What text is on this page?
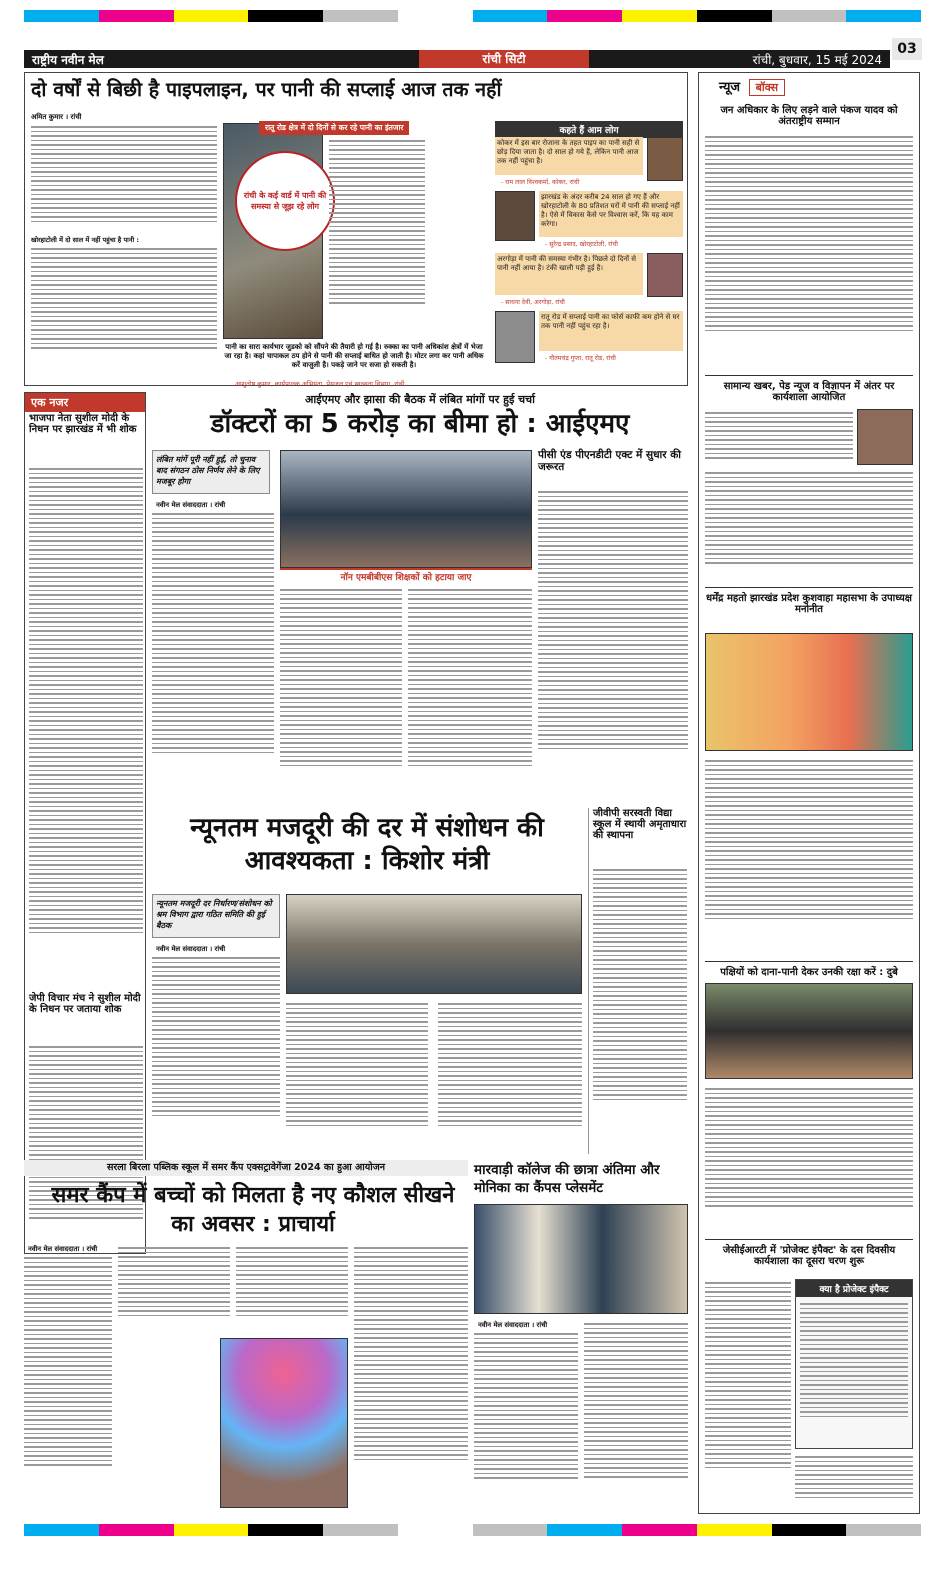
राष्ट्रीय नवीन मेल	रांची सिटी	रांची, बुधवार, 15 मई 2024
03
दो वर्षों से बिछी है पाइपलाइन, पर पानी की सप्लाई आज तक नहीं
अमित कुमार । रांची
खोरहाटोली में दो साल में नहीं पहुंचा है पानी :
रातू रोड क्षेत्र में दो दिनों से कर रहे पानी का इंतजार
रांची के कई वार्ड में पानी की समस्या से जूझ रहे लोग
पानी का सारा कार्यभार जुडको को सौंपने की तैयारी हो गई है। रुक्का का पानी अधिकांश क्षेत्रों में भेजा जा रहा है। कहां चापाकल ठप होने से पानी की सप्लाई बाधित हो जाती है। मोटर लगा कर पानी अधिक करें वाजुली है। पकड़े जाने पर सजा हो सकती है।
आशुतोष कुमार, कार्यपालक अभियंता, पेयजल एवं स्वच्छता विभाग, रांची
कहते हैं आम लोग
कोकर में इस बार रोजाना के तहत पाइप का पानी सही से छोड़ दिया जाता है। दो साल हो गये हैं, लेकिन पानी आज तक नहीं पहुंचा है।
- राम लाल विश्वकर्मा, कोकर, रांची
झारखंड के अंदर करीब 24 साल हो गए हैं और खोरहाटोली के 80 प्रतिशत घरों में पानी की सप्लाई नहीं है। ऐसे में विकास कैसे पर विश्वास करें, कि यह काम करेगा।
- सुरेन्द्र प्रसाद, खोरहाटोली, रांची
अरगोड़ा में पानी की समस्या गंभीर है। पिछले दो दिनों से पानी नहीं आया है। टंकी खाली पड़ी हुई है।
- साधना देवी, अरगोड़ा, रांची
रातू रोड में सप्लाई पानी का फोर्स काफी कम होने से घर तक पानी नहीं पहुंच रहा है।
- गौतमचंद्र गुप्ता, रातू रोड, रांची
एक नजर
भाजपा नेता सुशील मोदी के निधन पर झारखंड में भी शोक
जेपी विचार मंच ने सुशील मोदी के निधन पर जताया शोक
आईएमए और झासा की बैठक में लंबित मांगों पर हुई चर्चा
डॉक्टरों का 5 करोड़ का बीमा हो : आईएमए
लंबित मांगें पूरी नहीं हुईं, तो चुनाव बाद संगठन ठोस निर्णय लेने के लिए मजबूर होगा
नवीन मेल संवाददाता । रांची
नॉन एमबीबीएस शिक्षकों को हटाया जाए
पीसी एंड पीएनडीटी एक्ट में सुधार की जरूरत
न्यूनतम मजदूरी की दर में संशोधन की आवश्यकता : किशोर मंत्री
न्यूनतम मजदूरी दर निर्धारण/संशोधन को श्रम विभाग द्वारा गठित समिति की हुई बैठक
नवीन मेल संवाददाता । रांची
जीवीपी सरस्वती विद्या स्कूल में स्थायी अमृताधारा की स्थापना
सरला बिरला पब्लिक स्कूल में समर कैंप एक्सट्रावेगेंजा 2024 का हुआ आयोजन
समर कैंप में बच्चों को मिलता है नए कौशल सीखने का अवसर : प्राचार्या
नवीन मेल संवाददाता । रांची
मारवाड़ी कॉलेज की छात्रा अंतिमा और मोनिका का कैंपस प्लेसमेंट
नवीन मेल संवाददाता । रांची
न्यूज बॉक्स
जन अधिकार के लिए लड़ने वाले पंकज यादव को अंतराष्ट्रीय सम्मान
सामान्य खबर, पेड न्यूज व विज्ञापन में अंतर पर कार्यशाला आयोजित
धर्मेंद्र महतो झारखंड प्रदेश कुशवाहा महासभा के उपाध्यक्ष मनोनीत
पक्षियों को दाना-पानी देकर उनकी रक्षा करें : दुबे
जेसीईआरटी में 'प्रोजेक्ट इंपैक्ट' के दस दिवसीय कार्यशाला का दूसरा चरण शुरू
क्या है प्रोजेक्ट इंपैक्ट
